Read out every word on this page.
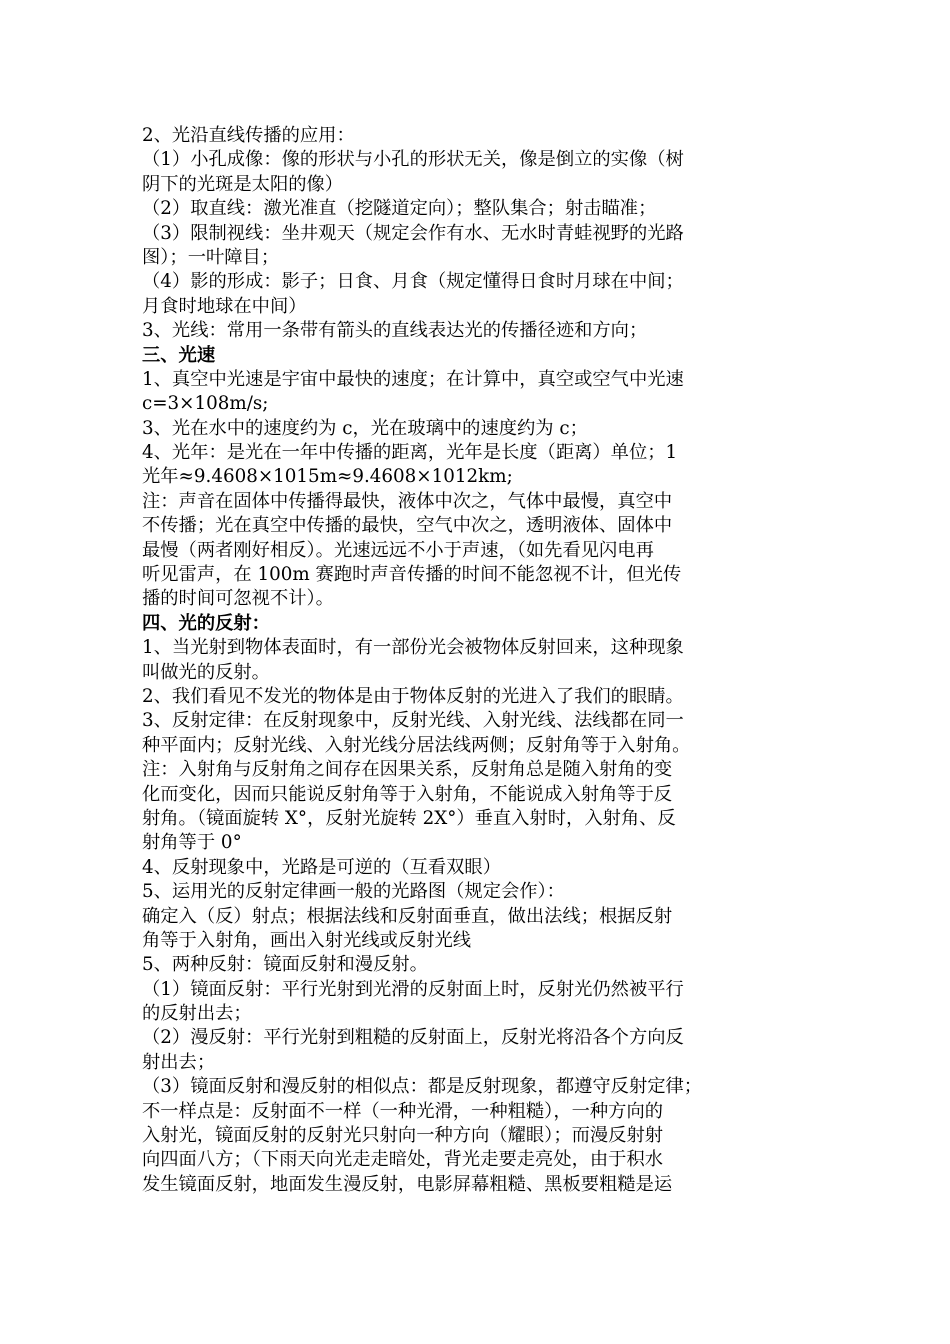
2、光沿直线传播的应用：
（1）小孔成像：像的形状与小孔的形状无关，像是倒立的实像（树
阴下的光斑是太阳的像）
（2）取直线：激光准直（挖隧道定向）；整队集合；射击瞄准；
（3）限制视线：坐井观天（规定会作有水、无水时青蛙视野的光路
图）；一叶障目；
（4）影的形成：影子；日食、月食（规定懂得日食时月球在中间；
月食时地球在中间）
3、光线：常用一条带有箭头的直线表达光的传播径迹和方向；
三、光速
1、真空中光速是宇宙中最快的速度；在计算中，真空或空气中光速
c=3×108m/s;
3、光在水中的速度约为 c，光在玻璃中的速度约为 c；
4、光年：是光在一年中传播的距离，光年是长度（距离）单位；1
光年≈9.4608×1015m≈9.4608×1012km;
注：声音在固体中传播得最快，液体中次之，气体中最慢，真空中
不传播；光在真空中传播的最快，空气中次之，透明液体、固体中
最慢（两者刚好相反）。光速远远不小于声速，（如先看见闪电再
听见雷声，在 100m 赛跑时声音传播的时间不能忽视不计，但光传
播的时间可忽视不计）。
四、光的反射：
1、当光射到物体表面时，有一部份光会被物体反射回来，这种现象
叫做光的反射。
2、我们看见不发光的物体是由于物体反射的光进入了我们的眼睛。
3、反射定律：在反射现象中，反射光线、入射光线、法线都在同一
种平面内；反射光线、入射光线分居法线两侧；反射角等于入射角。
注：入射角与反射角之间存在因果关系，反射角总是随入射角的变
化而变化，因而只能说反射角等于入射角，不能说成入射角等于反
射角。（镜面旋转 X°，反射光旋转 2X°）垂直入射时，入射角、反
射角等于 0°
4、反射现象中，光路是可逆的（互看双眼）
5、运用光的反射定律画一般的光路图（规定会作）：
确定入（反）射点；根据法线和反射面垂直，做出法线；根据反射
角等于入射角，画出入射光线或反射光线
5、两种反射：镜面反射和漫反射。
（1）镜面反射：平行光射到光滑的反射面上时，反射光仍然被平行
的反射出去；
（2）漫反射：平行光射到粗糙的反射面上，反射光将沿各个方向反
射出去；
（3）镜面反射和漫反射的相似点：都是反射现象，都遵守反射定律；
不一样点是：反射面不一样（一种光滑，一种粗糙），一种方向的
入射光，镜面反射的反射光只射向一种方向（耀眼）；而漫反射射
向四面八方；（下雨天向光走走暗处，背光走要走亮处，由于积水
发生镜面反射，地面发生漫反射，电影屏幕粗糙、黑板要粗糙是运
